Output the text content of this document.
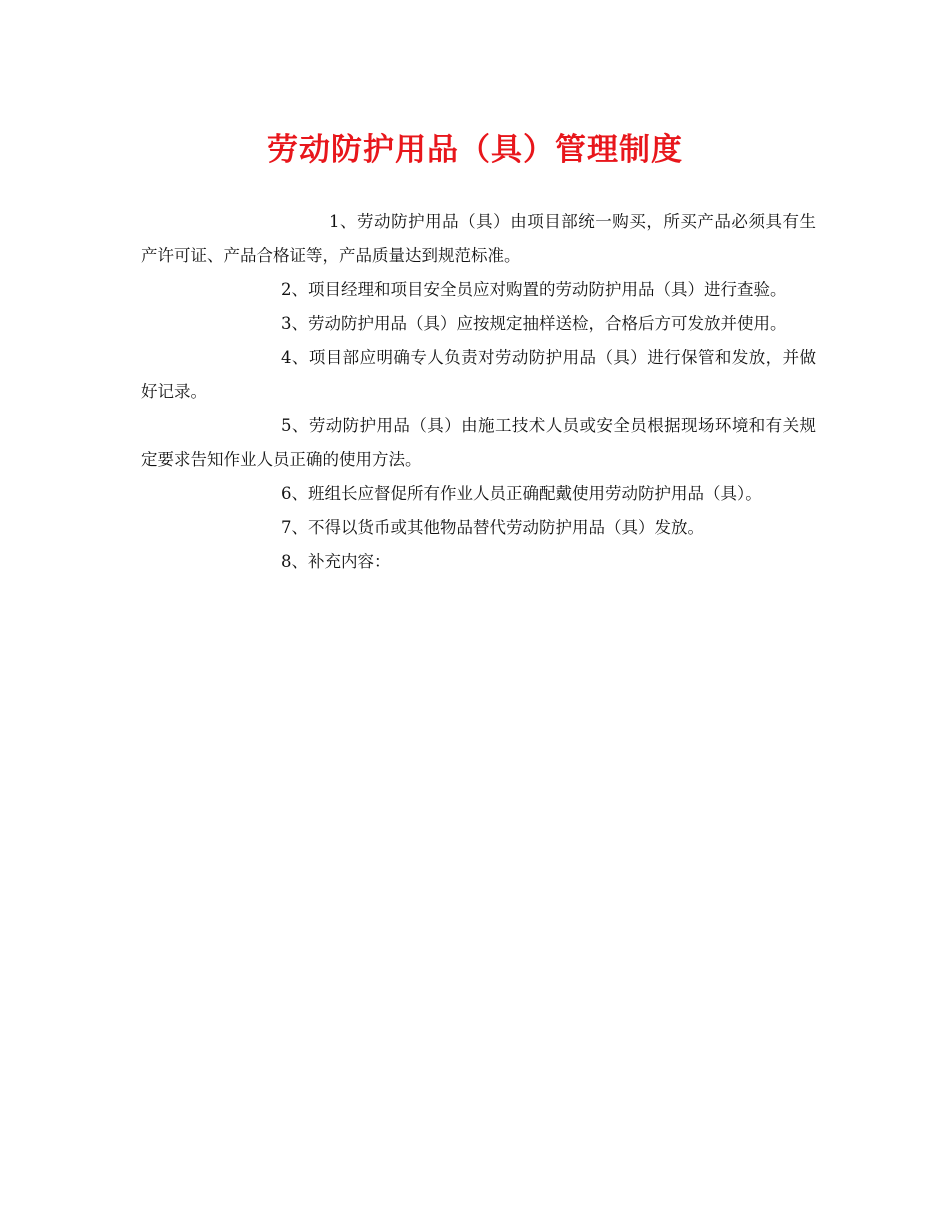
劳动防护用品（具）管理制度

1、劳动防护用品（具）由项目部统一购买，所买产品必须具有生产许可证、产品合格证等，产品质量达到规范标准。

2、项目经理和项目安全员应对购置的劳动防护用品（具）进行查验。

3、劳动防护用品（具）应按规定抽样送检，合格后方可发放并使用。

4、项目部应明确专人负责对劳动防护用品（具）进行保管和发放，并做好记录。

5、劳动防护用品（具）由施工技术人员或安全员根据现场环境和有关规定要求告知作业人员正确的使用方法。

6、班组长应督促所有作业人员正确配戴使用劳动防护用品（具）。

7、不得以货币或其他物品替代劳动防护用品（具）发放。

8、补充内容：
